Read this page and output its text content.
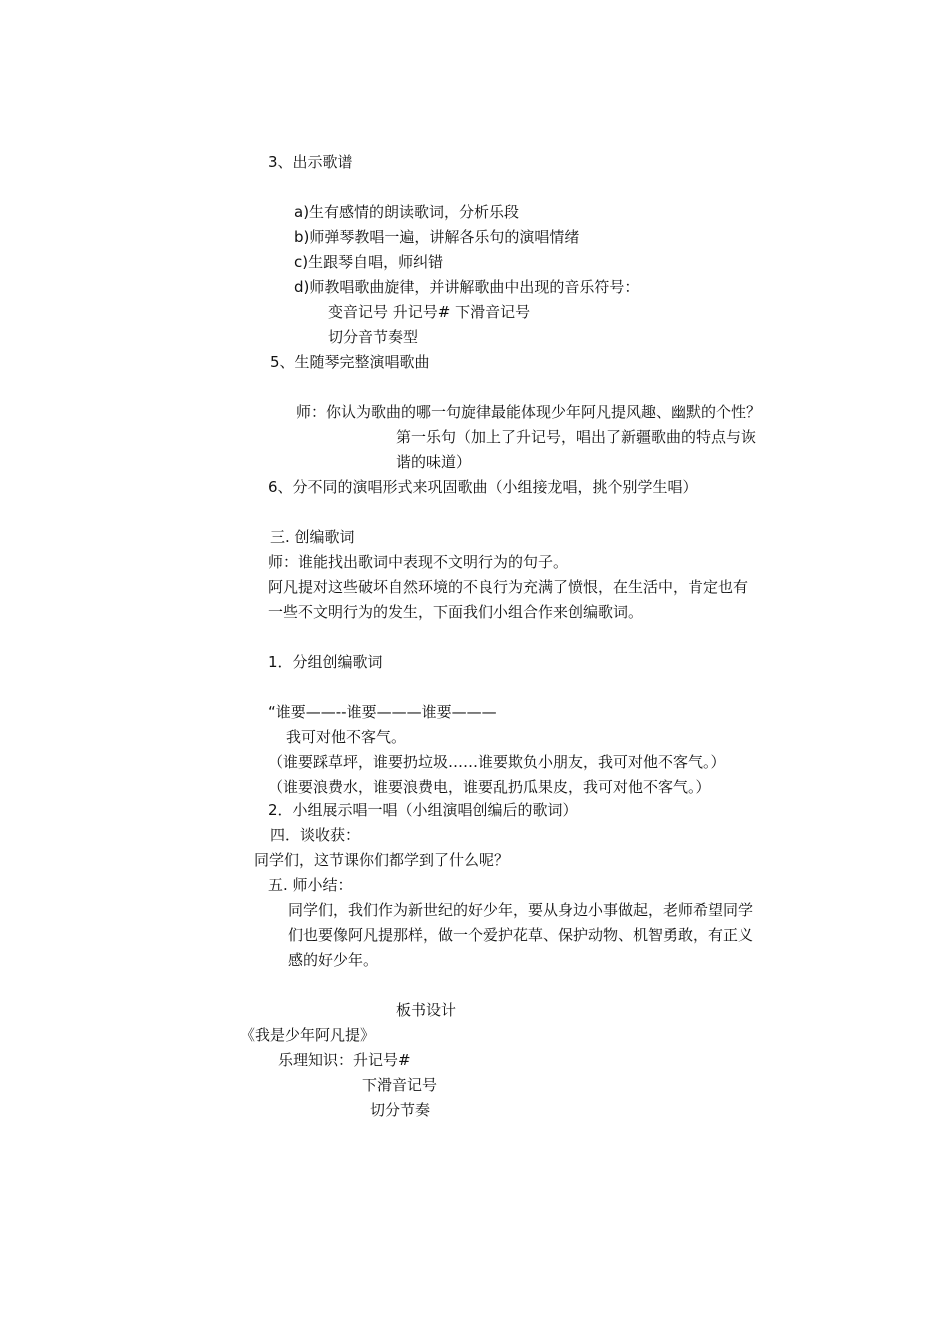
3、出示歌谱

a)生有感情的朗读歌词，分析乐段

b)师弹琴教唱一遍，讲解各乐句的演唱情绪

c)生跟琴自唱，师纠错

d)师教唱歌曲旋律，并讲解歌曲中出现的音乐符号：

变音记号 升记号# 下滑音记号

切分音节奏型

5、生随琴完整演唱歌曲

师：你认为歌曲的哪一句旋律最能体现少年阿凡提风趣、幽默的个性？

第一乐句（加上了升记号，唱出了新疆歌曲的特点与诙

谐的味道）

6、分不同的演唱形式来巩固歌曲（小组接龙唱，挑个别学生唱）

三. 创编歌词

师：谁能找出歌词中表现不文明行为的句子。

阿凡提对这些破坏自然环境的不良行为充满了愤恨，在生活中，肯定也有

一些不文明行为的发生，下面我们小组合作来创编歌词。

1．分组创编歌词

“谁要——--谁要———谁要———

我可对他不客气。

（谁要踩草坪，谁要扔垃圾……谁要欺负小朋友，我可对他不客气。）

（谁要浪费水，谁要浪费电，谁要乱扔瓜果皮，我可对他不客气。）

2．小组展示唱一唱（小组演唱创编后的歌词）

四．谈收获：

同学们，这节课你们都学到了什么呢？

五. 师小结：

同学们，我们作为新世纪的好少年，要从身边小事做起，老师希望同学

们也要像阿凡提那样，做一个爱护花草、保护动物、机智勇敢，有正义

感的好少年。

板书设计

《我是少年阿凡提》

乐理知识：升记号#

下滑音记号

切分节奏
